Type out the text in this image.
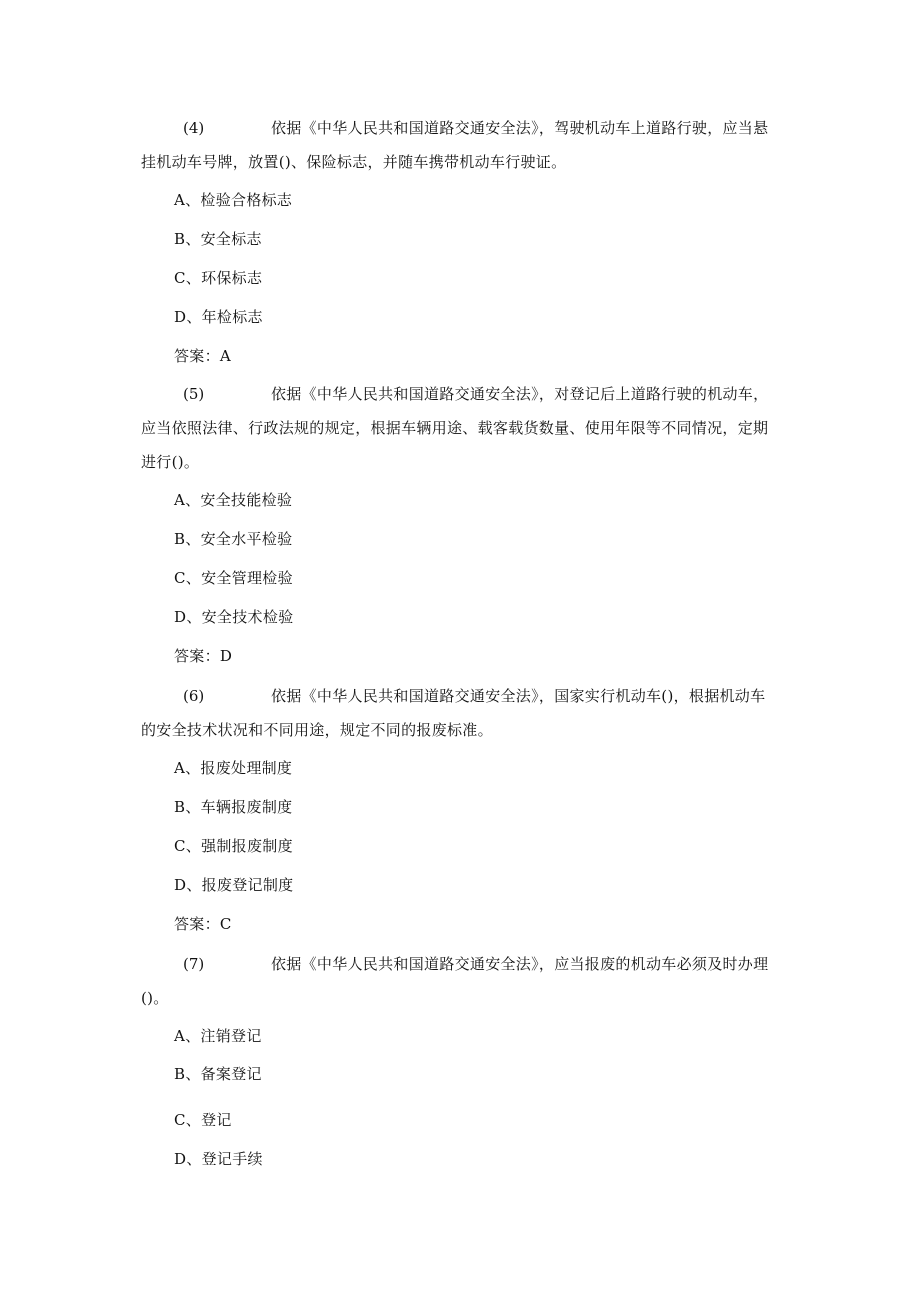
(4)	依据《中华人民共和国道路交通安全法》，驾驶机动车上道路行驶，应当悬
挂机动车号牌，放置()、保险标志，并随车携带机动车行驶证。
A、检验合格标志
B、安全标志
C、环保标志
D、年检标志
答案：A
(5)	依据《中华人民共和国道路交通安全法》，对登记后上道路行驶的机动车，
应当依照法律、行政法规的规定，根据车辆用途、载客载货数量、使用年限等不同情况，定期
进行()。
A、安全技能检验
B、安全水平检验
C、安全管理检验
D、安全技术检验
答案：D
(6)	依据《中华人民共和国道路交通安全法》，国家实行机动车()，根据机动车
的安全技术状况和不同用途，规定不同的报废标准。
A、报废处理制度
B、车辆报废制度
C、强制报废制度
D、报废登记制度
答案：C
(7)	依据《中华人民共和国道路交通安全法》，应当报废的机动车必须及时办理
()。
A、注销登记
B、备案登记
C、登记
D、登记手续
